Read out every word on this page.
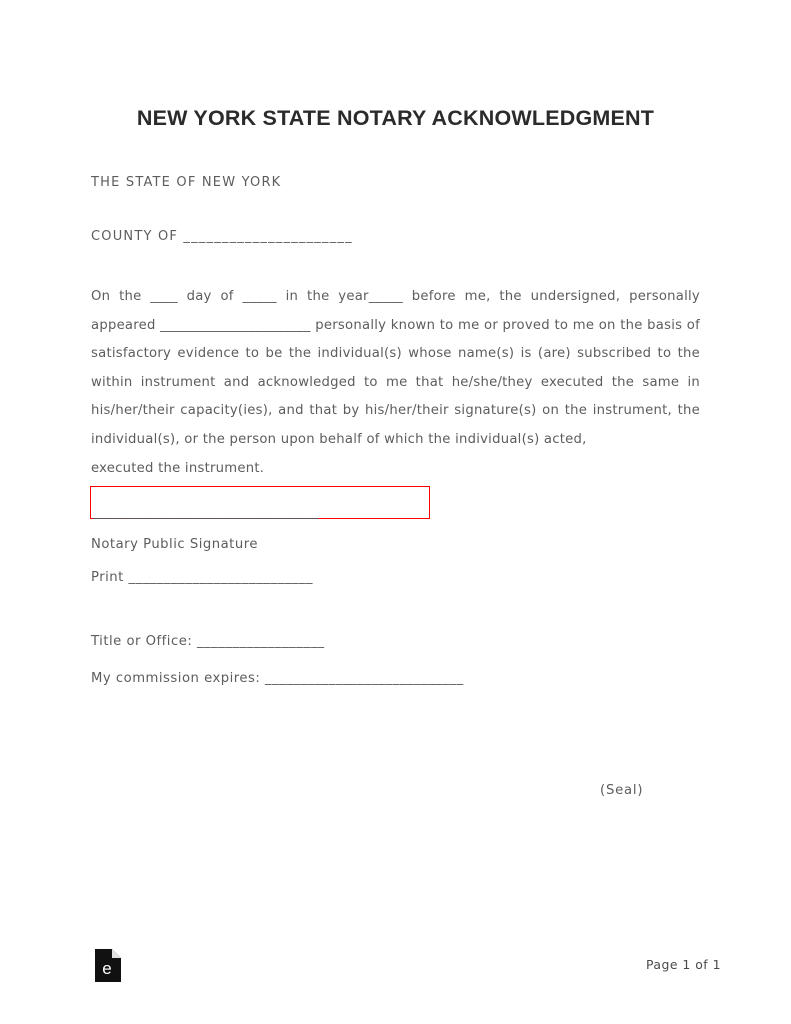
NEW YORK STATE NOTARY ACKNOWLEDGMENT

THE STATE OF NEW YORK

COUNTY OF ______________________

On the ____ day of _____ in the year_____ before me, the undersigned, personally appeared ______________________ personally known to me or proved to me on the basis of satisfactory evidence to be the individual(s) whose name(s) is (are) subscribed to the within instrument and acknowledged to me that he/she/they executed the same in his/her/their capacity(ies), and that by his/her/their signature(s) on the instrument, the individual(s), or the person upon behalf of which the individual(s) acted,
executed the instrument.

_________________________________

Notary Public Signature

Print __________________________

Title or Office: __________________

My commission expires: ____________________________

(Seal)

e	Page 1 of 1
